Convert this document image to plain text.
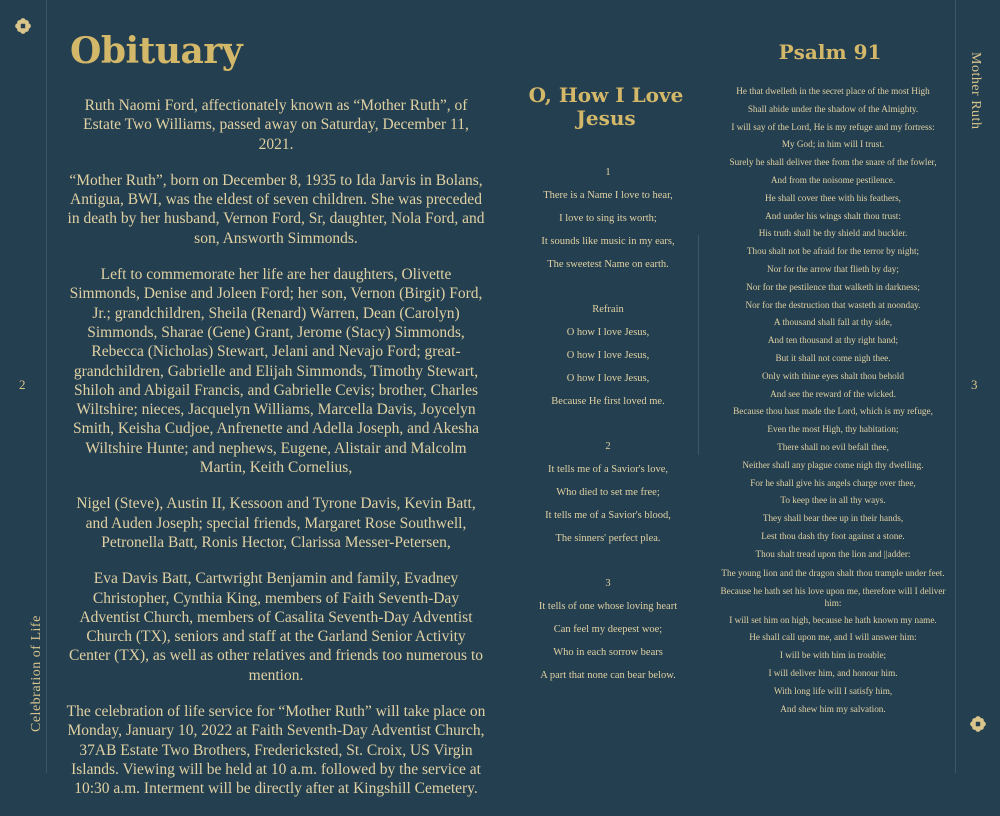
2	3
Celebration of Life
Mother Ruth
Obituary

Ruth Naomi Ford, affectionately known as “Mother Ruth”, of Estate Two Williams, passed away on Saturday, December 11, 2021.

“Mother Ruth”, born on December 8, 1935 to Ida Jarvis in Bolans, Antigua, BWI, was the eldest of seven children. She was preceded in death by her husband, Vernon Ford, Sr, daughter, Nola Ford, and son, Answorth Simmonds.

Left to commemorate her life are her daughters, Olivette Simmonds, Denise and Joleen Ford; her son, Vernon (Birgit) Ford, Jr.; grandchildren, Sheila (Renard) Warren, Dean (Carolyn) Simmonds, Sharae (Gene) Grant, Jerome (Stacy) Simmonds, Rebecca (Nicholas) Stewart, Jelani and Nevajo Ford; great-grandchildren, Gabrielle and Elijah Simmonds, Timothy Stewart, Shiloh and Abigail Francis, and Gabrielle Cevis; brother, Charles Wiltshire; nieces, Jacquelyn Williams, Marcella Davis, Joycelyn Smith, Keisha Cudjoe, Anfrenette and Adella Joseph, and Akesha Wiltshire Hunte; and nephews, Eugene, Alistair and Malcolm Martin, Keith Cornelius,

Nigel (Steve), Austin II, Kessoon and Tyrone Davis, Kevin Batt, and Auden Joseph; special friends, Margaret Rose Southwell, Petronella Batt, Ronis Hector, Clarissa Messer-Petersen,

Eva Davis Batt, Cartwright Benjamin and family, Evadney Christopher, Cynthia King, members of Faith Seventh-Day Adventist Church, members of Casalita Seventh-Day Adventist Church (TX), seniors and staff at the Garland Senior Activity Center (TX), as well as other relatives and friends too numerous to mention.

The celebration of life service for “Mother Ruth” will take place on Monday, January 10, 2022 at Faith Seventh-Day Adventist Church, 37AB Estate Two Brothers, Fredericksted, St. Croix, US Virgin Islands. Viewing will be held at 10 a.m. followed by the service at 10:30 a.m. Interment will be directly after at Kingshill Cemetery.

O, How I Love Jesus
1
There is a Name I love to hear,
I love to sing its worth;
It sounds like music in my ears,
The sweetest Name on earth.
Refrain
O how I love Jesus,
O how I love Jesus,
O how I love Jesus,
Because He first loved me.
2
It tells me of a Savior's love,
Who died to set me free;
It tells me of a Savior's blood,
The sinners' perfect plea.
3
It tells of one whose loving heart
Can feel my deepest woe;
Who in each sorrow bears
A part that none can bear below.
Psalm 91
He that dwelleth in the secret place of the most High
Shall abide under the shadow of the Almighty.
I will say of the Lord, He is my refuge and my fortress:
My God; in him will I trust.
Surely he shall deliver thee from the snare of the fowler,
And from the noisome pestilence.
He shall cover thee with his feathers,
And under his wings shalt thou trust:
His truth shall be thy shield and buckler.
Thou shalt not be afraid for the terror by night;
Nor for the arrow that flieth by day;
Nor for the pestilence that walketh in darkness;
Nor for the destruction that wasteth at noonday.
A thousand shall fall at thy side,
And ten thousand at thy right hand;
But it shall not come nigh thee.
Only with thine eyes shalt thou behold
And see the reward of the wicked.
Because thou hast made the Lord, which is my refuge,
Even the most High, thy habitation;
There shall no evil befall thee,
Neither shall any plague come nigh thy dwelling.
For he shall give his angels charge over thee,
To keep thee in all thy ways.
They shall bear thee up in their hands,
Lest thou dash thy foot against a stone.
Thou shalt tread upon the lion and ||adder:
The young lion and the dragon shalt thou trample under feet.
Because he hath set his love upon me, therefore will I deliver him:
I will set him on high, because he hath known my name.
He shall call upon me, and I will answer him:
I will be with him in trouble;
I will deliver him, and honour him.
With long life will I satisfy him,
And shew him my salvation.
